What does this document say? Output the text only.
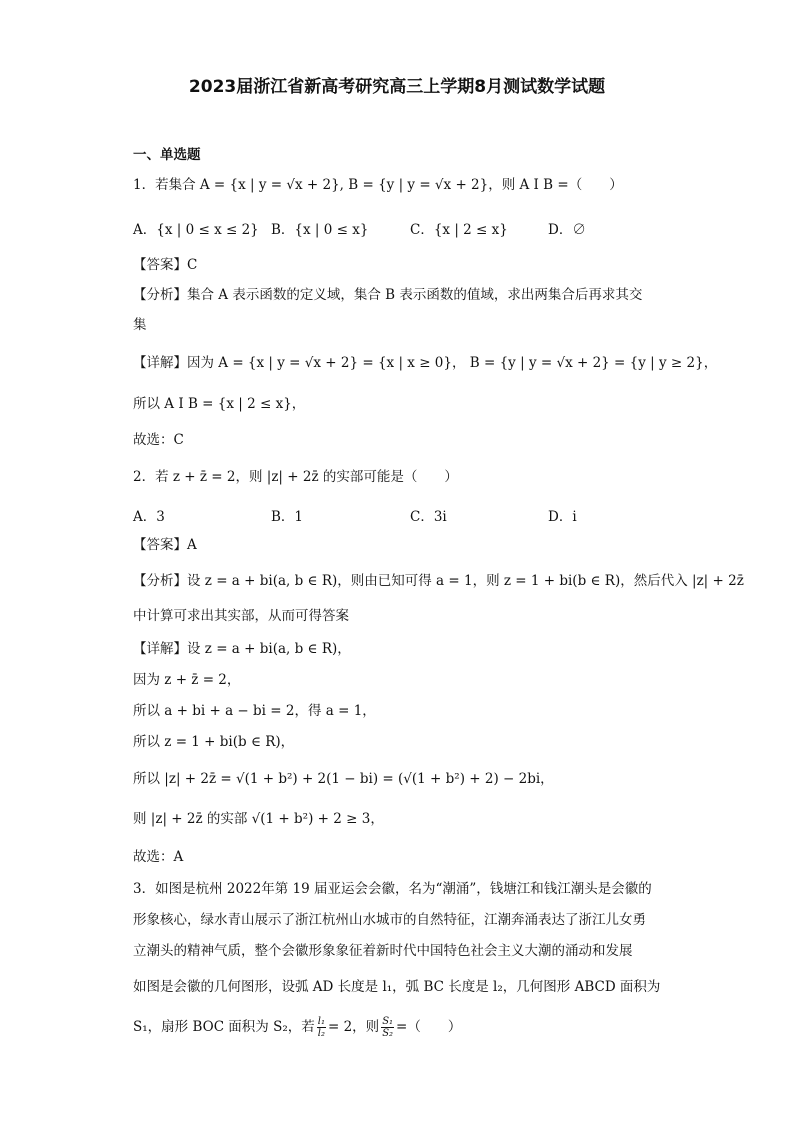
2023届浙江省新高考研究高三上学期8月测试数学试题
一、单选题
1．若集合 A = {x | y = √x + 2}, B = {y | y = √x + 2}，则 A I B =（　　）
A．{x | 0 ≤ x ≤ 2} B．{x | 0 ≤ x}	C．{x | 2 ≤ x}	D．∅
【答案】C
【分析】集合 A 表示函数的定义域，集合 B 表示函数的值域，求出两集合后再求其交
集
【详解】因为 A = {x | y = √x + 2} = {x | x ≥ 0}， B = {y | y = √x + 2} = {y | y ≥ 2}，
所以 A I B = {x | 2 ≤ x}，
故选：C
2．若 z + z̄ = 2，则 |z| + 2z̄ 的实部可能是（　　）
A．3	B．1	C．3i	D．i
【答案】A
【分析】设 z = a + bi(a, b ∈ R)，则由已知可得 a = 1，则 z = 1 + bi(b ∈ R)，然后代入 |z| + 2z̄
中计算可求出其实部，从而可得答案
【详解】设 z = a + bi(a, b ∈ R)，
因为 z + z̄ = 2，
所以 a + bi + a − bi = 2，得 a = 1，
所以 z = 1 + bi(b ∈ R)，
所以 |z| + 2z̄ = √(1 + b²) + 2(1 − bi) = (√(1 + b²) + 2) − 2bi，
则 |z| + 2z̄ 的实部 √(1 + b²) + 2 ≥ 3，
故选：A
3．如图是杭州 2022年第 19 届亚运会会徽，名为“潮涌”，钱塘江和钱江潮头是会徽的
形象核心，绿水青山展示了浙江杭州山水城市的自然特征，江潮奔涌表达了浙江儿女勇
立潮头的精神气质，整个会徽形象象征着新时代中国特色社会主义大潮的涌动和发展
如图是会徽的几何图形，设弧 AD 长度是 l₁，弧 BC 长度是 l₂，几何图形 ABCD 面积为
S₁，扇形 BOC 面积为 S₂，若 $\frac{\text{l₁}}{\text{l₂}} = 2$，则 $\frac{\text{S₁}}{\text{S₂}}$ =（　　）
